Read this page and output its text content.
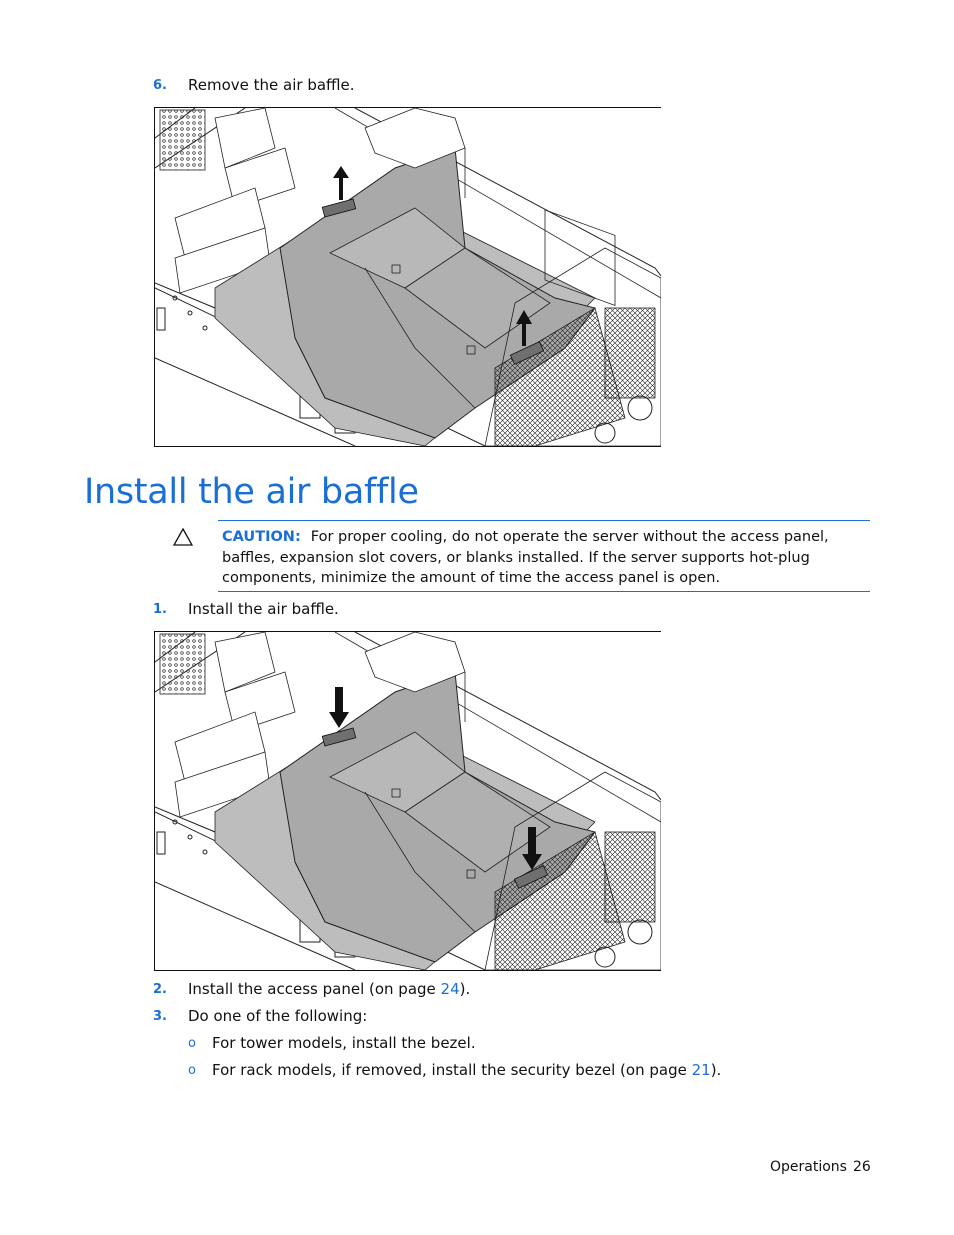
6. Remove the air baffle.
Install the air baffle
CAUTION: For proper cooling, do not operate the server without the access panel, baffles, expansion slot covers, or blanks installed. If the server supports hot-plug components, minimize the amount of time the access panel is open.
1. Install the air baffle.
2. Install the access panel (on page 24).
3. Do one of the following:
o For tower models, install the bezel.
o For rack models, if removed, install the security bezel (on page 21).
Operations 26
